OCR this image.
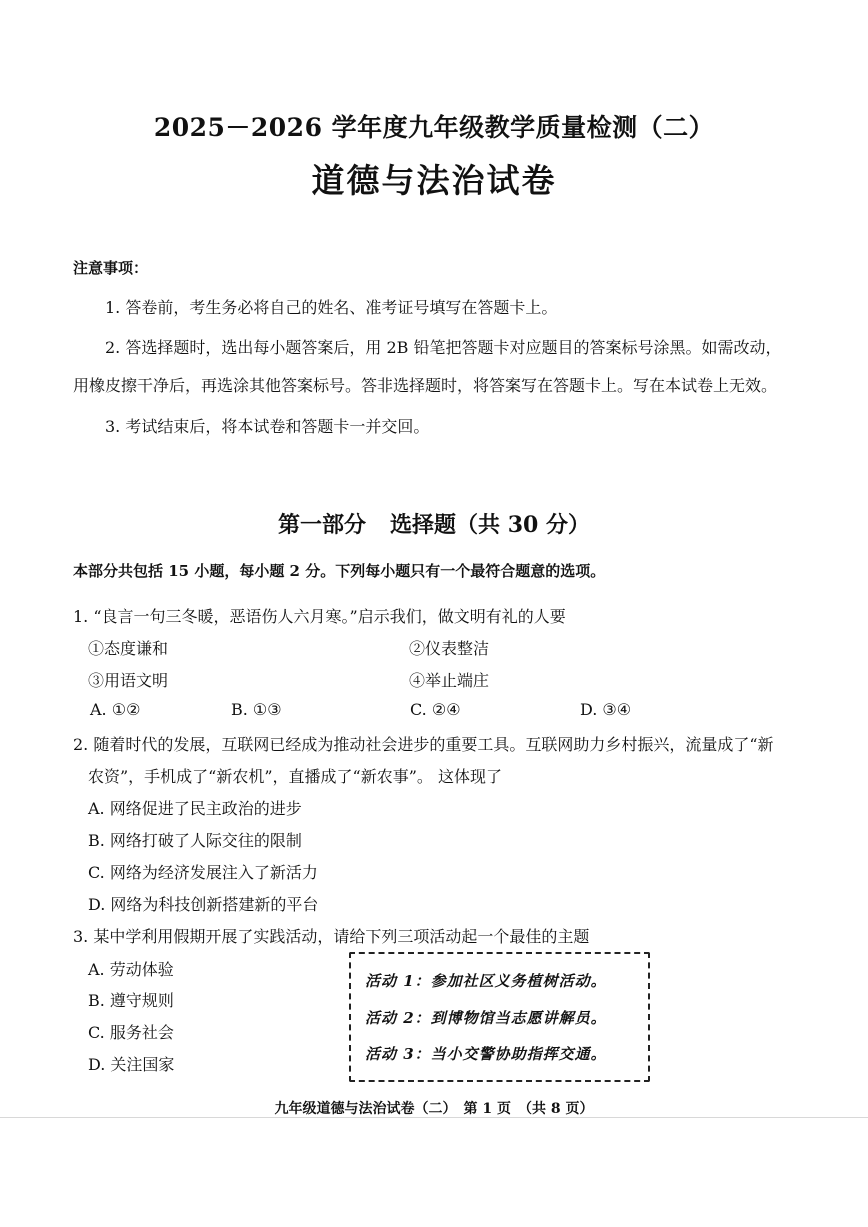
2025－2026 学年度九年级教学质量检测（二）
道德与法治试卷
注意事项：
1. 答卷前，考生务必将自己的姓名、准考证号填写在答题卡上。
2. 答选择题时，选出每小题答案后，用 2B 铅笔把答题卡对应题目的答案标号涂黑。如需改动，
用橡皮擦干净后，再选涂其他答案标号。答非选择题时，将答案写在答题卡上。写在本试卷上无效。
3. 考试结束后，将本试卷和答题卡一并交回。
第一部分 选择题（共 30 分）
本部分共包括 15 小题，每小题 2 分。下列每小题只有一个最符合题意的选项。
1. “良言一句三冬暖，恶语伤人六月寒。”启示我们，做文明有礼的人要
①态度谦和	②仪表整洁
③用语文明	④举止端庄
A. ①②	B. ①③	C. ②④	D. ③④
2. 随着时代的发展，互联网已经成为推动社会进步的重要工具。互联网助力乡村振兴，流量成了“新
农资”，手机成了“新农机”，直播成了“新农事”。 这体现了
A. 网络促进了民主政治的进步
B. 网络打破了人际交往的限制
C. 网络为经济发展注入了新活力
D. 网络为科技创新搭建新的平台
3. 某中学利用假期开展了实践活动，请给下列三项活动起一个最佳的主题
A. 劳动体验
B. 遵守规则
C. 服务社会
D. 关注国家
活动 1：参加社区义务植树活动。
活动 2：到博物馆当志愿讲解员。
活动 3：当小交警协助指挥交通。
九年级道德与法治试卷（二）　第 1 页　（共 8 页）
